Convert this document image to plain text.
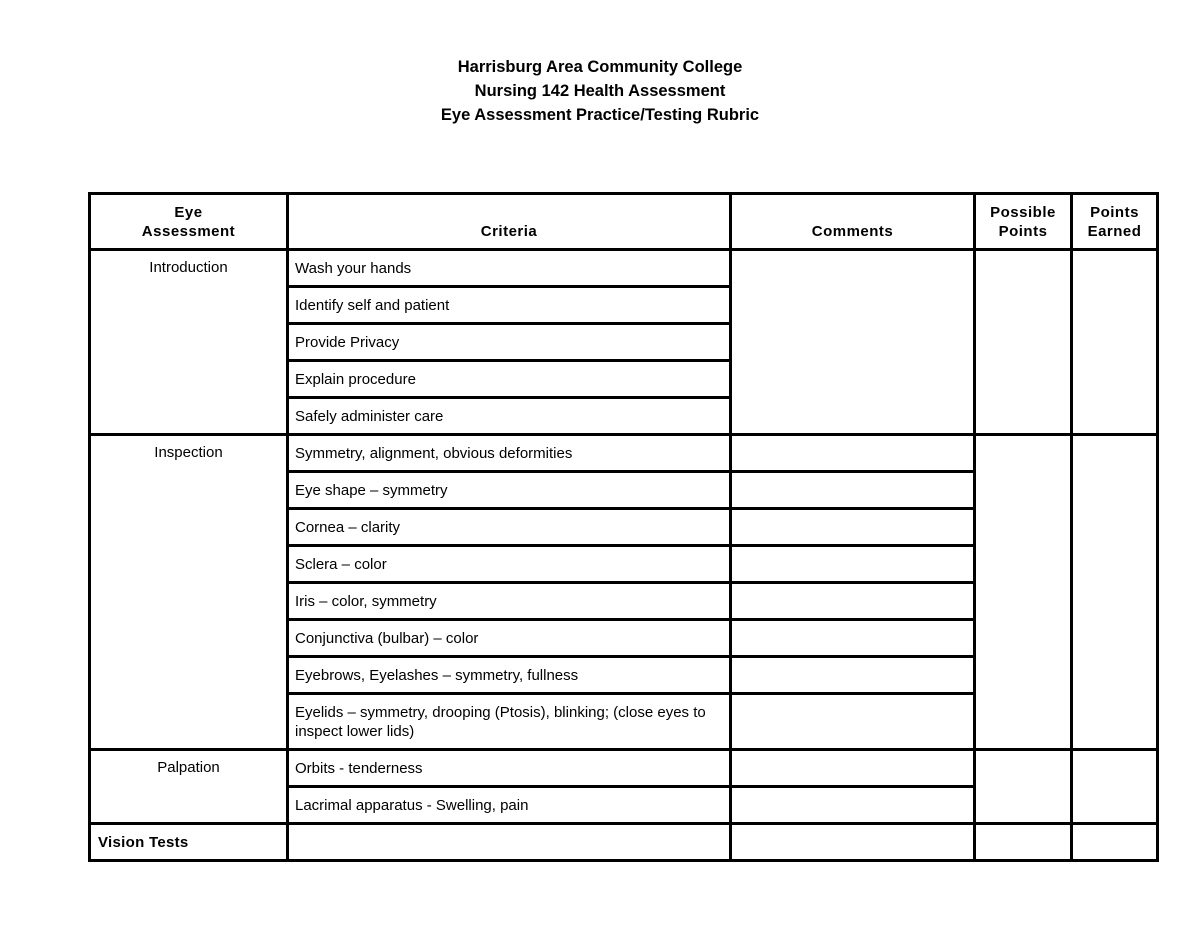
Harrisburg Area Community College
Nursing 142 Health Assessment
Eye Assessment Practice/Testing Rubric
Eye Assessment	Criteria	Comments	Possible Points	Points Earned
Introduction	Wash your hands			
	Identify self and patient			
	Provide Privacy			
	Explain procedure			
	Safely administer care			
Inspection	Symmetry, alignment, obvious deformities			
	Eye shape – symmetry			
	Cornea – clarity			
	Sclera – color			
	Iris – color, symmetry			
	Conjunctiva (bulbar) – color			
	Eyebrows, Eyelashes – symmetry, fullness			
	Eyelids – symmetry, drooping (Ptosis), blinking; (close eyes to inspect lower lids)			
Palpation	Orbits - tenderness			
	Lacrimal apparatus - Swelling, pain			
Vision Tests				
